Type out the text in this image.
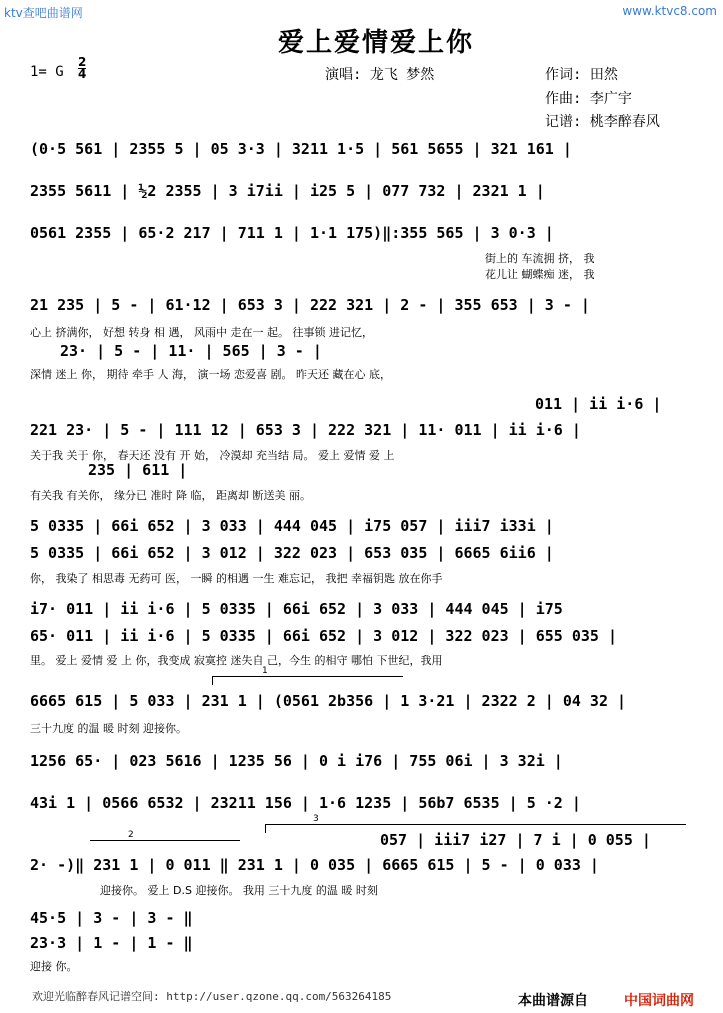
ktv查吧曲谱网	www.ktvc8.com
爱上爱情爱上你
1= G
2
4	演唱: 龙飞 梦然	作词: 田然
作曲: 李广宇
记谱: 桃李醉春风
(0·5 561 | 2355 5 | 05 3·3 | 3211 1·5 | 561 5655 | 321 161 |
2355 5611 | ½2 2355 | 3 i7ii | i25 5 | 077 732 | 2321 1 |
0561 2355 | 65·2 217 | 711 1 | 1·1 175)‖:355 565 | 3 0·3 |
街上的 车流拥 挤， 我
花儿让 蝴蝶痴 迷， 我
21 235 | 5 - | 61·12 | 653 3 | 222 321 | 2 - | 355 653 | 3 - |
心上 挤满你， 好想 转身 相 遇， 风雨中 走在一 起。 往事锁 进记忆，
23· | 5 - | 11· | 565 | 3 - |
深情 迷上 你， 期待 牵手 人 海， 演一场 恋爱喜 剧。 昨天还 藏在心 底，
011 | ii i·6 |
221 23· | 5 - | 111 12 | 653 3 | 222 321 | 11· 011 | ii i·6 |
关于我 关于 你， 春天还 没有 开 始， 冷漠却 充当结 局。 爱上 爱情 爱 上
235 | 611 |
有关我 有关你， 缘分已 准时 降 临， 距离却 断送美 丽。
5 0335 | 66i 652 | 3 033 | 444 045 | i75 057 | iii7 i33i |
5 0335 | 66i 652 | 3 012 | 322 023 | 653 035 | 6665 6ii6 |
你， 我染了 相思毒 无药可 医， 一瞬 的相遇 一生 难忘记， 我把 幸福钥匙 放在你手
i7· 011 | ii i·6 | 5 0335 | 66i 652 | 3 033 | 444 045 | i75
65· 011 | ii i·6 | 5 0335 | 66i 652 | 3 012 | 322 023 | 655 035 |
里。 爱上 爱情 爱 上 你，我变成 寂寞控 迷失自 己，今生 的相守 哪怕 下世纪，我用
1
6665 615 | 5 033 | 231 1 | (0561 2b356 | 1 3·21 | 2322 2 | 04 32 |
三十九度 的温 暖 时刻 迎接你。
1256 65· | 023 5616 | 1235 56 | 0 i i76 | 755 06i | 3 32i |
43i 1 | 0566 6532 | 23211 156 | 1·6 1235 | 56b7 6535 | 5 ·2 |
2
3
057 | iii7 i27 | 7 i | 0 055 |
2· -)‖ 231 1 | 0 011 ‖ 231 1 | 0 035 | 6665 615 | 5 - | 0 033 |
迎接你。 爱上 D.S 迎接你。 我用 三十九度 的温 暖 时刻
45·5 | 3 - | 3 - ‖
23·3 | 1 - | 1 - ‖
迎接 你。
欢迎光临醉春风记谱空间: http://user.qzone.qq.com/563264185	本曲谱源自	中国词曲网
